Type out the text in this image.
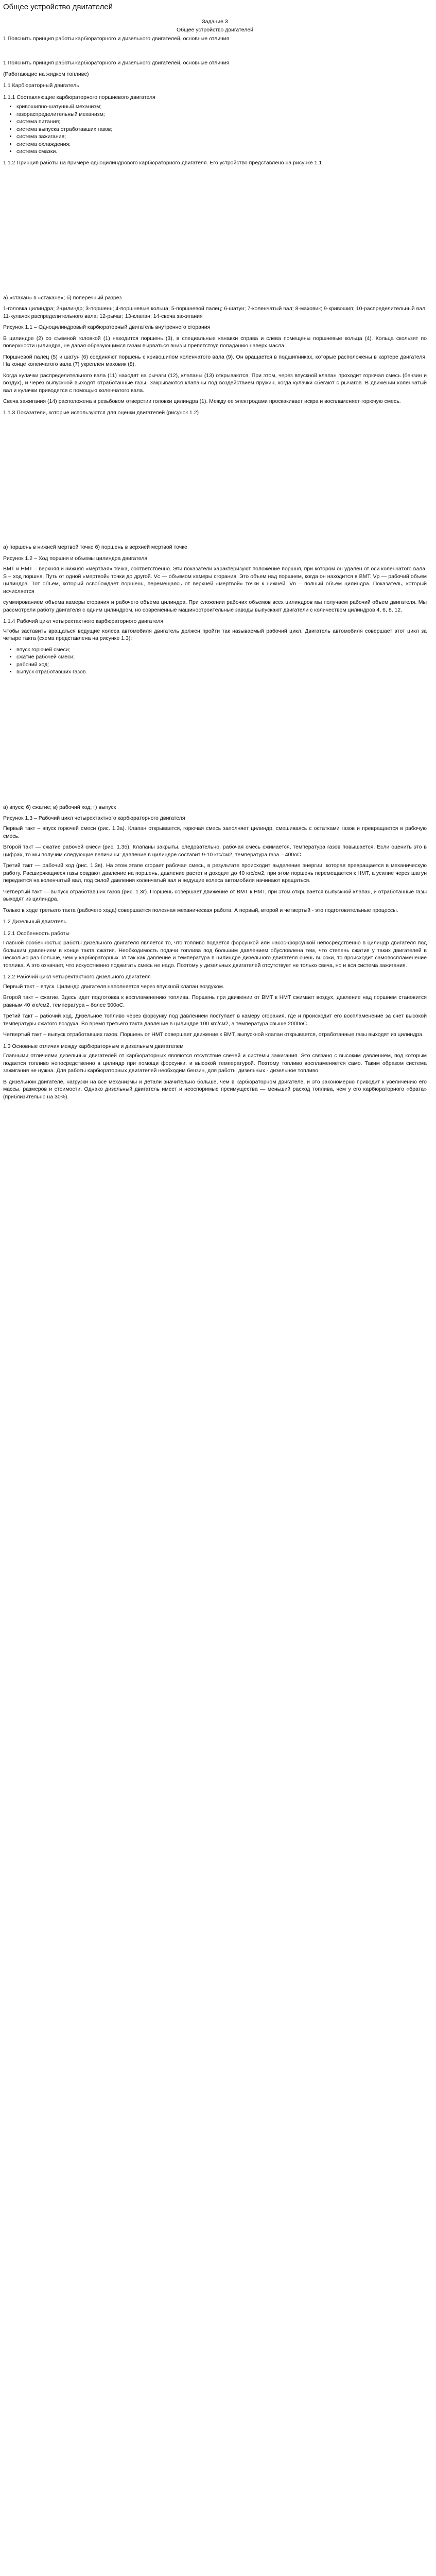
Общее устройство двигателей

Задание 3

Общее устройство двигателей

1 Пояснить принцип работы карбюраторного и дизельного двигателей, основные отличия

1 Пояснить принцип работы карбюраторного и дизельного двигателей, основные отличия

(Работающие на жидком топливе)

1.1 Карбюраторный двигатель

1.1.1 Составляющие карбюраторного поршневого двигателя

• кривошипно-шатунный механизм;
• газораспределительный механизм;
• система питания;
• система выпуска отработавших газов;
• система зажигания;
• система охлаждения;
• система смазки.

1.1.2 Принцип работы на примере одноцилиндрового карбюраторного двигателя. Его устройство представлено на рисунке 1.1

а) «стакан» в «стакане»; б) поперечный разрез

1-головка цилиндра; 2-цилиндр; 3-поршень; 4-поршневые кольца; 5-поршневой палец; 6-шатун; 7-коленчатый вал; 8-маховик; 9-кривошип; 10-распределительный вал; 11-кулачок распределительного вала; 12-рычаг; 13-клапан; 14-свеча зажигания

Рисунок 1.1 – Одноцилиндровый карбюраторный двигатель внутреннего сгорания

В цилиндре (2) со съемной головкой (1) находится поршень (3), в специальные канавки справа и слева помещены поршневые кольца (4). Кольца скользят по поверхности цилиндра, не давая образующимся газам вырваться вниз и препятствуя попаданию наверх масла.

Поршневой палец (5) и шатун (6) соединяют поршень с кривошипом коленчатого вала (9). Он вращается в подшипниках, которые расположены в картере двигателя. На конце коленчатого вала (7) укреплен маховик (8).

Когда кулачки распределительного вала (11) находят на рычаги (12), клапаны (13) открываются. При этом, через впускной клапан проходит горючая смесь (бензин и воздух), и через выпускной выходят отработанные газы. Закрываются клапаны под воздействием пружин, когда кулачки сбегают с рычагов. В движении коленчатый вал и кулачки приводятся с помощью коленчатого вала.

Свеча зажигания (14) расположена в резьбовом отверстии головки цилиндра (1). Между ее электродами проскакивает искра и воспламеняет горючую смесь.

1.1.3 Показатели, которые используются для оценки двигателей (рисунок 1.2)

а) поршень в нижней мертвой точке б) поршень в верхней мертвой точке

Рисунок 1.2 – Ход поршня и объемы цилиндра двигателя

ВМТ и НМТ – верхняя и нижняя «мертвая» точка, соответственно. Эти показатели характеризуют положение поршня, при котором он удален от оси коленчатого вала. S – ход поршня. Путь от одной «мертвой» точки до другой. Vc — объемом камеры сгорания. Это объем над поршнем, когда он находится в ВМТ. Vp — рабочий объем цилиндра. Тот объем, который освобождает поршень, перемещаясь от верхней «мертвой» точки к нижней. Vn – полный объем цилиндра. Показатель, который исчисляется

суммированием объема камеры сгорания и рабочего объема цилиндра. При сложении рабочих объемов всех цилиндров мы получаем рабочий объем двигателя. Мы рассмотрели работу двигателя с одним цилиндром, но современные машиностроительные заводы выпускают двигатели с количеством цилиндров 4, 6, 8, 12.

1.1.4 Рабочий цикл четырехтактного карбюраторного двигателя

Чтобы заставить вращаться ведущие колеса автомобиля двигатель должен пройти так называемый рабочий цикл. Двигатель автомобиля совершает этот цикл за четыре такта (схема представлена на рисунке 1.3):

• впуск горючей смеси;
• сжатие рабочей смеси;
• рабочий ход;
• выпуск отработавших газов.

а) впуск; б) сжатие; в) рабочий ход; г) выпуск

Рисунок 1.3 – Рабочий цикл четырехтактного карбюраторного двигателя

Первый такт – впуск горючей смеси (рис. 1.3а). Клапан открывается, горючая смесь заполняет цилиндр, смешиваясь с остатками газов и превращается в рабочую смесь.

Второй такт — сжатие рабочей смеси (рис. 1.3б). Клапаны закрыты, следовательно, рабочая смесь сжимается, температура газов повышается. Если оценить это в цифрах, то мы получим следующие величины: давление в цилиндре составит 9-10 кгс/см2, температура газа – 400оС.

Третий такт — рабочий ход (рис. 1.3в). На этом этапе сгорает рабочая смесь, в результате происходит выделение энергии, которая превращается в механическую работу. Расширяющиеся газы создают давление на поршень, давление растет и доходит до 40 кгс/см2, при этом поршень перемещается к НМТ, а усилие через шатун передается на коленчатый вал, под силой давления коленчатый вал и ведущие колеса автомобиля начинают вращаться.

Четвертый такт — выпуск отработавших газов (рис. 1.3г). Поршень совершает движение от ВМТ к НМТ, при этом открывается выпускной клапан, и отработанные газы выходят из цилиндра.

Только в ходе третьего такта (рабочего хода) совершается полезная механическая работа. А первый, второй и четвертый - это подготовительные процессы.

1.2 Дизельный двигатель

1.2.1 Особенность работы

Главной особенностью работы дизельного двигателя является то, что топливо подается форсункой или насос-форсункой непосредственно в цилиндр двигателя под большим давлением в конце такта сжатия. Необходимость подачи топлива под большим давлением обусловлена тем, что степень сжатия у таких двигателей в несколько раз больше, чем у карбюраторных. И так как давление и температура в цилиндре дизельного двигателя очень высоки, то происходит самовоспламенение топлива. А это означает, что искусственно поджигать смесь не надо. Поэтому у дизельных двигателей отсутствует не только свеча, но и вся система зажигания.

1.2.2 Рабочий цикл четырехтактного дизельного двигателя

Первый такт – впуск. Цилиндр двигателя наполняется через впускной клапан воздухом.

Второй такт – сжатие. Здесь идет подготовка к воспламенению топлива. Поршень при движении от ВМТ к НМТ сжимает воздух, давление над поршнем становится равным 40 кгс/см2, температура – более 500оС.

Третий такт – рабочий ход. Дизельное топливо через форсунку под давлением поступает в камеру сгорания, где и происходит его воспламенение за счет высокой температуры сжатого воздуха. Во время третьего такта давление в цилиндре 100 кгс/см2, а температура свыше 2000оС.

Четвертый такт – выпуск отработавших газов. Поршень от НМТ совершает движение к ВМТ, выпускной клапан открывается, отработанные газы выходят из цилиндра.

1.3 Основные отличия между карбюраторным и дизельным двигателем

Главными отличиями дизельных двигателей от карбюраторных являются отсутствие свечей и системы зажигания. Это связано с высоким давлением, под которым подается топливо непосредственно в цилиндр при помощи форсунки, и высокой температурой. Поэтому топливо воспламеняется само. Таким образом система зажигания не нужна. Для работы карбюраторных двигателей необходим бензин, для работы дизельных - дизельное топливо.

В дизельном двигателе, нагрузки на все механизмы и детали значительно больше, чем в карбюраторном двигателе, и это закономерно приводит к увеличению его массы, размеров и стоимости. Однако дизельный двигатель имеет и неоспоримые преимущества — меньший расход топлива, чем у его карбюраторного «брата» (приблизительно на 30%).
